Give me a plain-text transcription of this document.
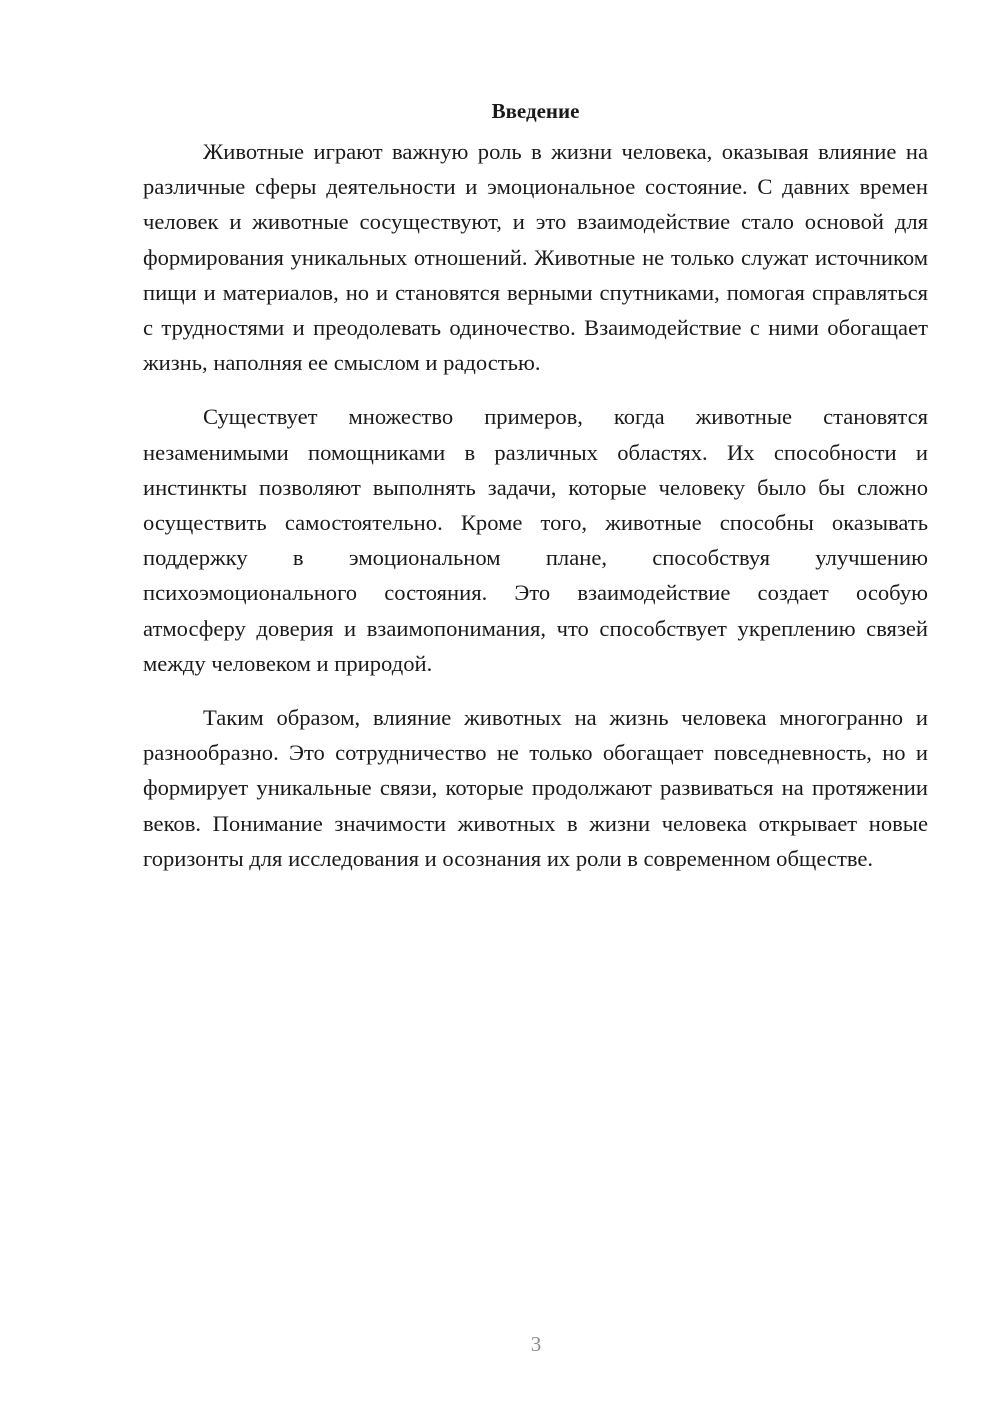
Введение

Животные играют важную роль в жизни человека, оказывая влияние на различные сферы деятельности и эмоциональное состояние. С давних времен человек и животные сосуществуют, и это взаимодействие стало основой для формирования уникальных отношений. Животные не только служат источником пищи и материалов, но и становятся верными спутниками, помогая справляться с трудностями и преодолевать одиночество. Взаимодействие с ними обогащает жизнь, наполняя ее смыслом и радостью.

Существует множество примеров, когда животные становятся незаменимыми помощниками в различных областях. Их способности и инстинкты позволяют выполнять задачи, которые человеку было бы сложно осуществить самостоятельно. Кроме того, животные способны оказывать поддержку в эмоциональном плане, способствуя улучшению психоэмоционального состояния. Это взаимодействие создает особую атмосферу доверия и взаимопонимания, что способствует укреплению связей между человеком и природой.

Таким образом, влияние животных на жизнь человека многогранно и разнообразно. Это сотрудничество не только обогащает повседневность, но и формирует уникальные связи, которые продолжают развиваться на протяжении веков. Понимание значимости животных в жизни человека открывает новые горизонты для исследования и осознания их роли в современном обществе.

3
